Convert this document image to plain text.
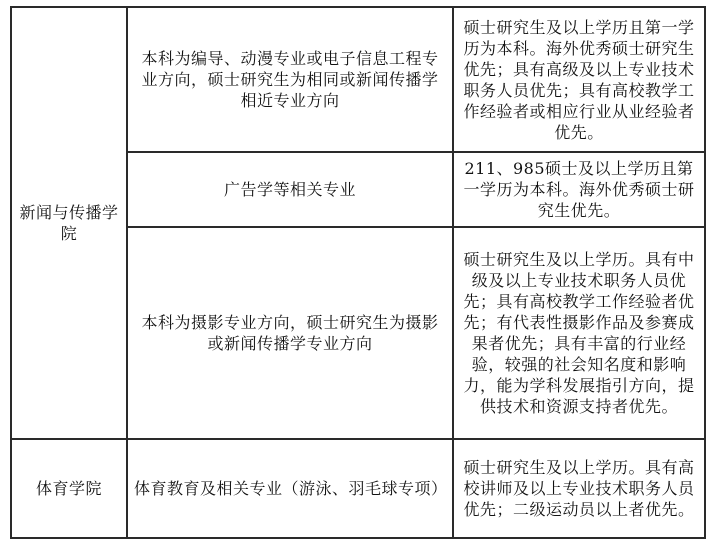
新闻与传播学院	本科为编导、动漫专业或电子信息工程专业方向，硕士研究生为相同或新闻传播学相近专业方向	硕士研究生及以上学历且第一学历为本科。海外优秀硕士研究生优先；具有高级及以上专业技术职务人员优先；具有高校教学工作经验者或相应行业从业经验者优先。
	广告学等相关专业	211、985硕士及以上学历且第一学历为本科。海外优秀硕士研究生优先。
	本科为摄影专业方向，硕士研究生为摄影或新闻传播学专业方向	硕士研究生及以上学历。具有中级及以上专业技术职务人员优先；具有高校教学工作经验者优先；有代表性摄影作品及参赛成果者优先；具有丰富的行业经验，较强的社会知名度和影响力，能为学科发展指引方向，提供技术和资源支持者优先。
体育学院	体育教育及相关专业（游泳、羽毛球专项）	硕士研究生及以上学历。具有高校讲师及以上专业技术职务人员优先；二级运动员以上者优先。
